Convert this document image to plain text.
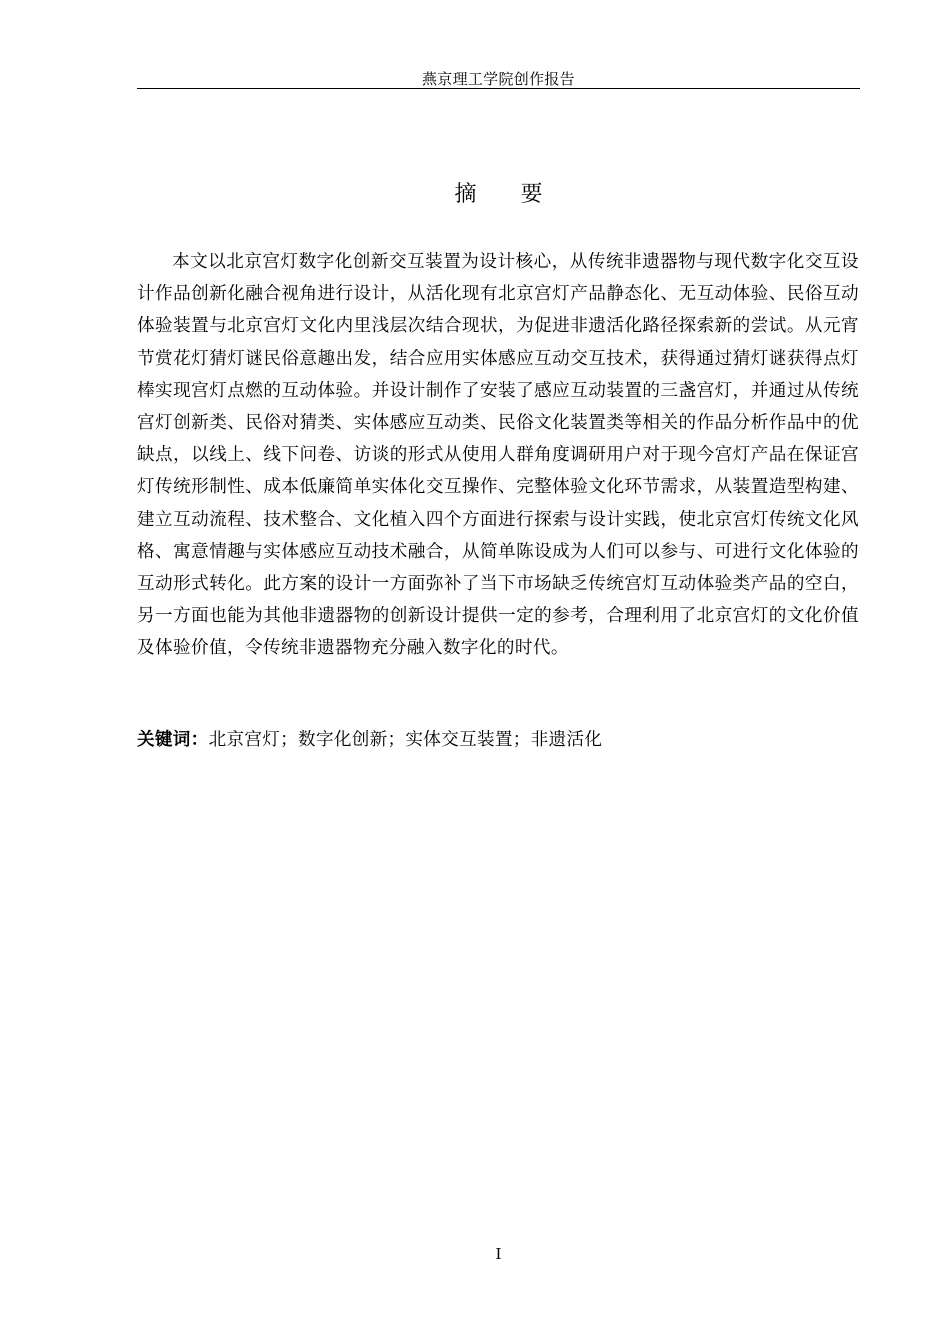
燕京理工学院创作报告
摘要

本文以北京宫灯数字化创新交互装置为设计核心，从传统非遗器物与现代数字化交互设计作品创新化融合视角进行设计，从活化现有北京宫灯产品静态化、无互动体验、民俗互动体验装置与北京宫灯文化内里浅层次结合现状，为促进非遗活化路径探索新的尝试。从元宵节赏花灯猜灯谜民俗意趣出发，结合应用实体感应互动交互技术，获得通过猜灯谜获得点灯棒实现宫灯点燃的互动体验。并设计制作了安装了感应互动装置的三盏宫灯，并通过从传统宫灯创新类、民俗对猜类、实体感应互动类、民俗文化装置类等相关的作品分析作品中的优缺点，以线上、线下问卷、访谈的形式从使用人群角度调研用户对于现今宫灯产品在保证宫灯传统形制性、成本低廉简单实体化交互操作、完整体验文化环节需求，从装置造型构建、建立互动流程、技术整合、文化植入四个方面进行探索与设计实践，使北京宫灯传统文化风格、寓意情趣与实体感应互动技术融合，从简单陈设成为人们可以参与、可进行文化体验的互动形式转化。此方案的设计一方面弥补了当下市场缺乏传统宫灯互动体验类产品的空白，另一方面也能为其他非遗器物的创新设计提供一定的参考，合理利用了北京宫灯的文化价值及体验价值，令传统非遗器物充分融入数字化的时代。

关键词：北京宫灯；数字化创新；实体交互装置；非遗活化
I
